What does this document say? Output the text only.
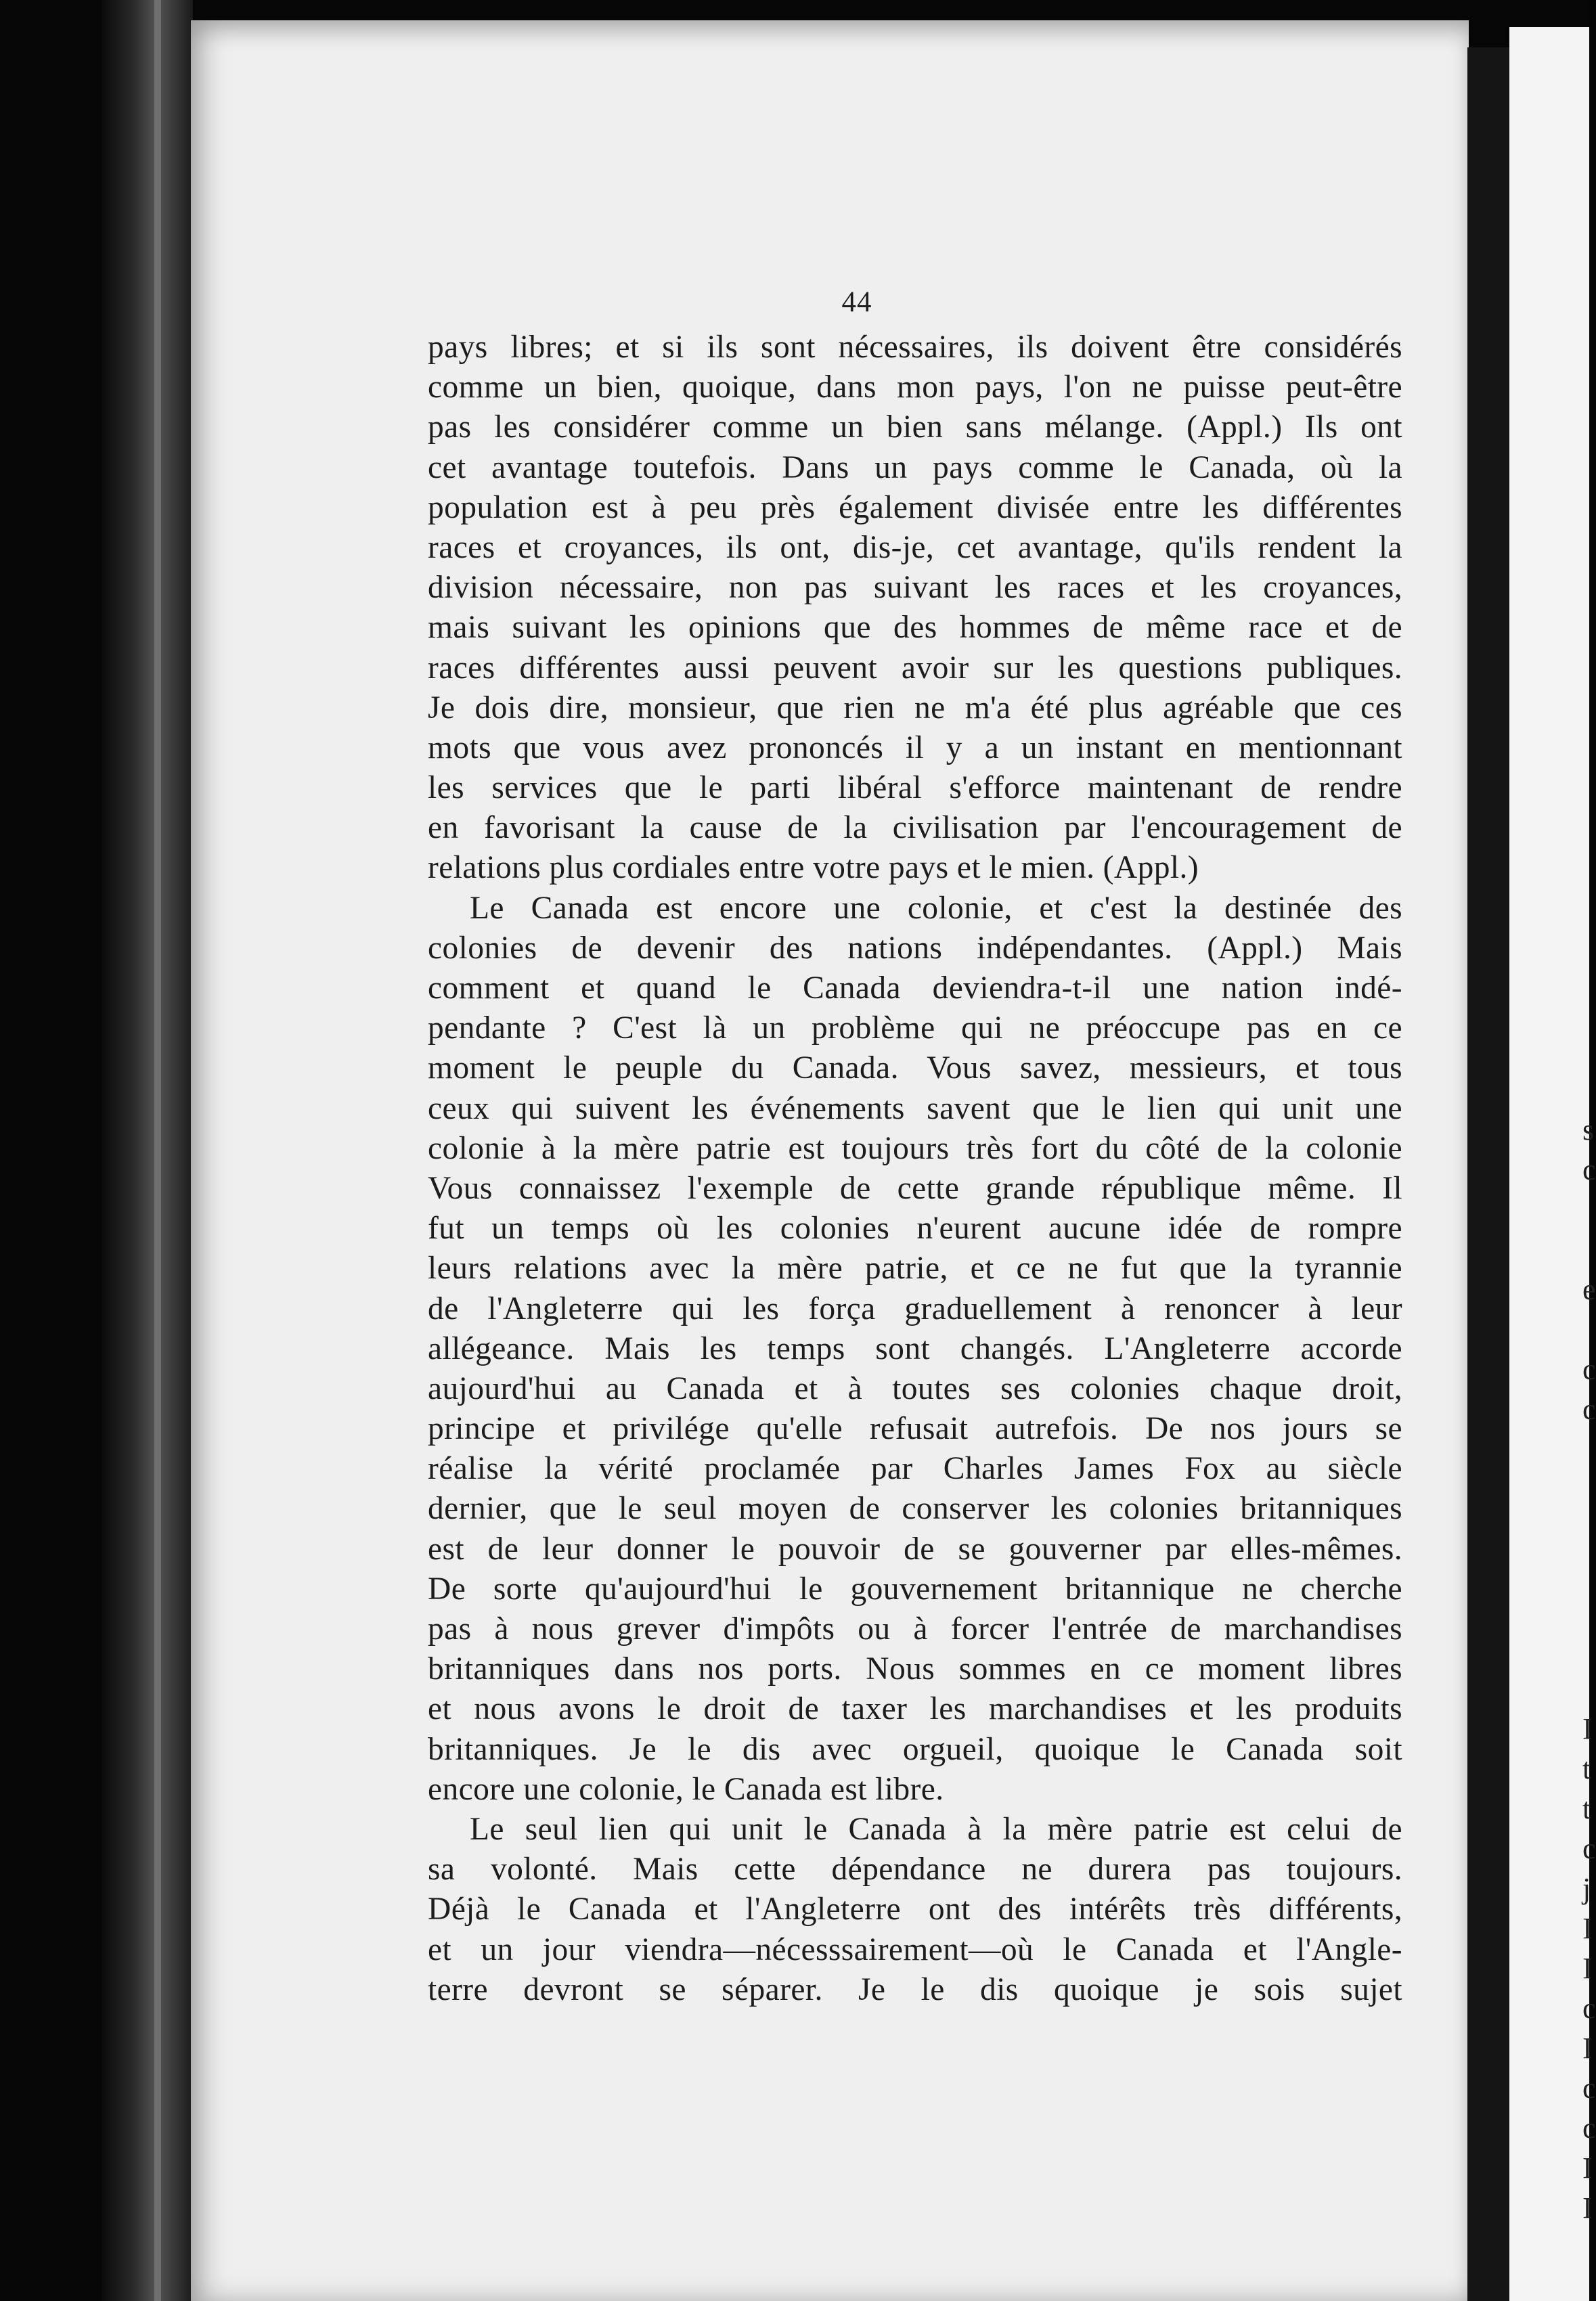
44
pays libres; et si ils sont nécessaires, ils doivent être considérés
comme un bien, quoique, dans mon pays, l'on ne puisse peut-être
pas les considérer comme un bien sans mélange. (Appl.) Ils ont
cet avantage toutefois. Dans un pays comme le Canada, où la
population est à peu près également divisée entre les différentes
races et croyances, ils ont, dis-je, cet avantage, qu'ils rendent la
division nécessaire, non pas suivant les races et les croyances,
mais suivant les opinions que des hommes de même race et de
races différentes aussi peuvent avoir sur les questions publiques.
Je dois dire, monsieur, que rien ne m'a été plus agréable que ces
mots que vous avez prononcés il y a un instant en mentionnant
les services que le parti libéral s'efforce maintenant de rendre
en favorisant la cause de la civilisation par l'encouragement de
relations plus cordiales entre votre pays et le mien. (Appl.)
Le Canada est encore une colonie, et c'est la destinée des
colonies de devenir des nations indépendantes. (Appl.) Mais
comment et quand le Canada deviendra-t-il une nation indé-
pendante ? C'est là un problème qui ne préoccupe pas en ce
moment le peuple du Canada. Vous savez, messieurs, et tous
ceux qui suivent les événements savent que le lien qui unit une
colonie à la mère patrie est toujours très fort du côté de la colonie
Vous connaissez l'exemple de cette grande république même. Il
fut un temps où les colonies n'eurent aucune idée de rompre
leurs relations avec la mère patrie, et ce ne fut que la tyrannie
de l'Angleterre qui les força graduellement à renoncer à leur
allégeance. Mais les temps sont changés. L'Angleterre accorde
aujourd'hui au Canada et à toutes ses colonies chaque droit,
principe et privilége qu'elle refusait autrefois. De nos jours se
réalise la vérité proclamée par Charles James Fox au siècle
dernier, que le seul moyen de conserver les colonies britanniques
est de leur donner le pouvoir de se gouverner par elles-mêmes.
De sorte qu'aujourd'hui le gouvernement britannique ne cherche
pas à nous grever d'impôts ou à forcer l'entrée de marchandises
britanniques dans nos ports. Nous sommes en ce moment libres
et nous avons le droit de taxer les marchandises et les produits
britanniques. Je le dis avec orgueil, quoique le Canada soit
encore une colonie, le Canada est libre.
Le seul lien qui unit le Canada à la mère patrie est celui de
sa volonté. Mais cette dépendance ne durera pas toujours.
Déjà le Canada et l'Angleterre ont des intérêts très différents,
et un jour viendra—nécesssairement—où le Canada et l'Angle-
terre devront se séparer. Je le dis quoique je sois sujet
s
c

e

c
c

I
t
t
c
j
I
I
c
I
c
c
I
I
